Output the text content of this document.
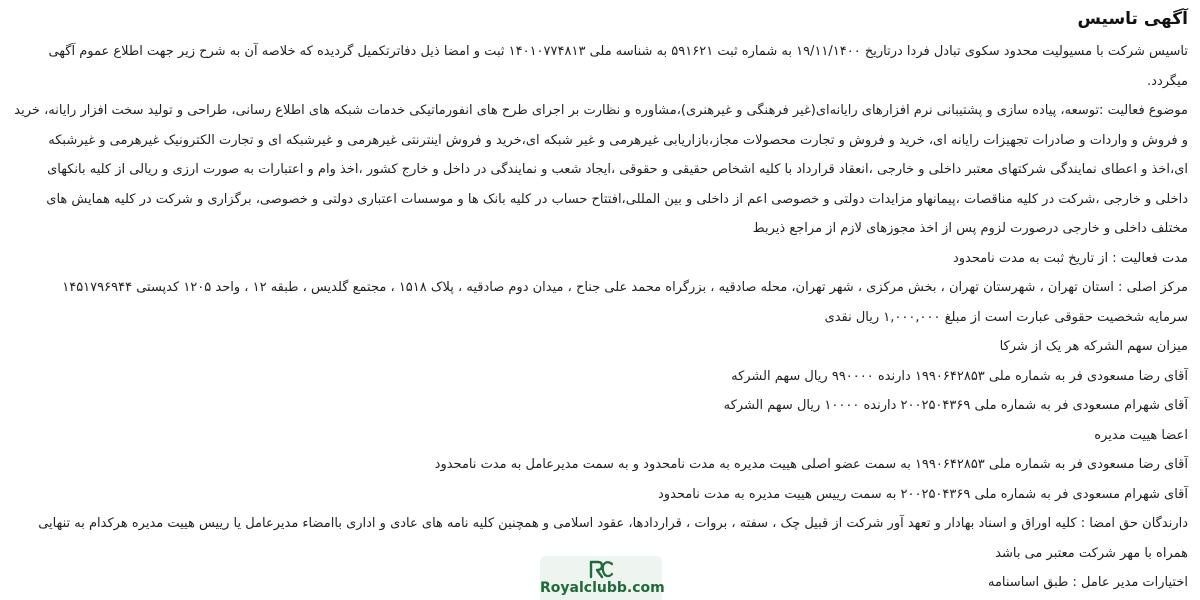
آگهی تاسیس

تاسیس شرکت با مسیولیت محدود سکوی تبادل فردا درتاریخ ۱۹/۱۱/۱۴۰۰ به شماره ثبت ۵۹۱۶۲۱ به شناسه ملی ۱۴۰۱۰۷۷۴۸۱۳ ثبت و امضا ذیل دفاترتکمیل گردیده که خلاصه آن به شرح زیر جهت اطلاع عموم آگهی میگردد.

موضوع فعالیت :توسعه، پیاده سازی و پشتیبانی نرم افزارهای رایانه‌ای(غیر فرهنگی و غیرهنری)،مشاوره و نظارت بر اجرای طرح های انفورماتیکی خدمات شبکه های اطلاع رسانی، طراحی و تولید سخت افزار رایانه، خرید و فروش و واردات و صادرات تجهیزات رایانه ای، خرید و فروش و تجارت محصولات مجاز،بازاریابی غیرهرمی و غیر شبکه ای،خرید و فروش اینترنتی غیرهرمی و غیرشبکه ای و تجارت الکترونیک غیرهرمی و غیرشبکه ای،اخذ و اعطای نمایندگی شرکتهای معتبر داخلی و خارجی ،انعقاد قرارداد با کلیه اشخاص حقیقی و حقوقی ،ایجاد شعب و نمایندگی در داخل و خارج کشور ،اخذ وام و اعتبارات به صورت ارزی و ریالی از کلیه بانکهای داخلی و خارجی ،شرکت در کلیه مناقصات ،پیمانهاو مزایدات دولتی و خصوصی اعم از داخلی و بین المللی،افتتاح حساب در کلیه بانک ها و موسسات اعتباری دولتی و خصوصی، برگزاری و شرکت در کلیه همایش های مختلف داخلی و خارجی درصورت لزوم پس از اخذ مجوزهای لازم از مراجع ذیربط

مدت فعالیت : از تاریخ ثبت به مدت نامحدود

مرکز اصلی : استان تهران ، شهرستان تهران ، بخش مرکزی ، شهر تهران، محله صادقیه ، بزرگراه محمد علی جناح ، میدان دوم صادقیه ، پلاک ۱۵۱۸ ، مجتمع گلدیس ، طبقه ۱۲ ، واحد ۱۲۰۵ کدپستی ۱۴۵۱۷۹۶۹۴۴

سرمایه شخصیت حقوقی عبارت است از مبلغ ۱,۰۰۰,۰۰۰ ریال نقدی

میزان سهم الشرکه هر یک از شرکا

آقای رضا مسعودی فر به شماره ملی ۱۹۹۰۶۴۲۸۵۳ دارنده ۹۹۰۰۰۰ ریال سهم الشرکه

آقای شهرام مسعودی فر به شماره ملی ۲۰۰۲۵۰۴۳۶۹ دارنده ۱۰۰۰۰ ریال سهم الشرکه

اعضا هییت مدیره

آقای رضا مسعودی فر به شماره ملی ۱۹۹۰۶۴۲۸۵۳ به سمت عضو اصلی هییت مدیره به مدت نامحدود و به سمت مدیرعامل به مدت نامحدود

آقای شهرام مسعودی فر به شماره ملی ۲۰۰۲۵۰۴۳۶۹ به سمت رییس هییت مدیره به مدت نامحدود

دارندگان حق امضا : کلیه اوراق و اسناد بهادار و تعهد آور شرکت از قبیل چک ، سفته ، بروات ، قراردادها، عقود اسلامی و همچنین کلیه نامه های عادی و اداری باامضاء مدیرعامل یا رییس هییت مدیره هرکدام به تنهایی همراه با مهر شرکت معتبر می باشد

اختیارات مدیر عامل : طبق اساسنامه

Royalclubb.com
